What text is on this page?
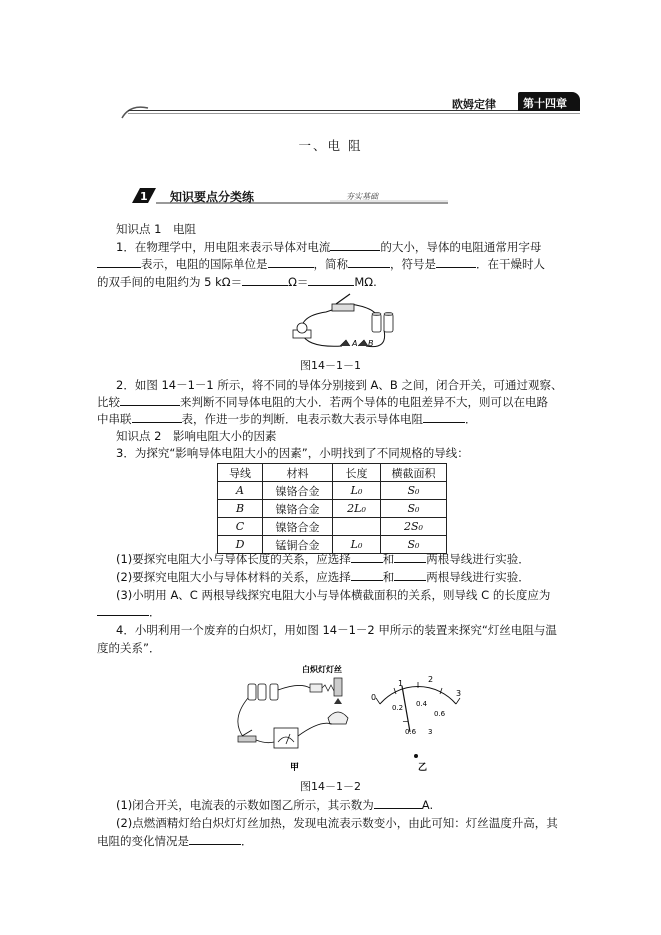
欧姆定律 第十四章
一、电 阻
1 知识要点分类练	夯实基础
知识点 1　电阻
1．在物理学中，用电阻来表示导体对电流	的大小，导体的电阻通常用字母
表示，电阻的国际单位是	，简称	，符号是	．在干燥时人
的双手间的电阻约为 5 kΩ＝	Ω＝	MΩ.
A B
图14－1－1
2．如图 14－1－1 所示，将不同的导体分别接到 A、B 之间，闭合开关，可通过观察、
比较	来判断不同导体电阻的大小．若两个导体的电阻差异不大，则可以在电路
中串联	表，作进一步的判断．电表示数大表示导体电阻	．
知识点 2　影响电阻大小的因素
3．为探究“影响导体电阻大小的因素”，小明找到了不同规格的导线：
导线	材料	长度	横截面积
A	镍铬合金	L₀	S₀
B	镍铬合金	2L₀	S₀
C	镍铬合金		2S₀
D	锰铜合金	L₀	S₀
(1)要探究电阻大小与导体长度的关系，应选择	和	两根导线进行实验．
(2)要探究电阻大小与导体材料的关系，应选择	和	两根导线进行实验．
(3)小明用 A、C 两根导线探究电阻大小与导体横截面积的关系，则导线 C 的长度应为
．
4．小明利用一个废弃的白炽灯，用如图 14－1－2 甲所示的装置来探究“灯丝电阻与温
度的关系”．
白炽灯灯丝
甲
0
1	2
3
0.2 0.4
0.6
−
0.6 3
乙
图14－1－2
(1)闭合开关，电流表的示数如图乙所示，其示数为	A.
(2)点燃酒精灯给白炽灯灯丝加热，发现电流表示数变小，由此可知：灯丝温度升高，其
电阻的变化情况是	．
